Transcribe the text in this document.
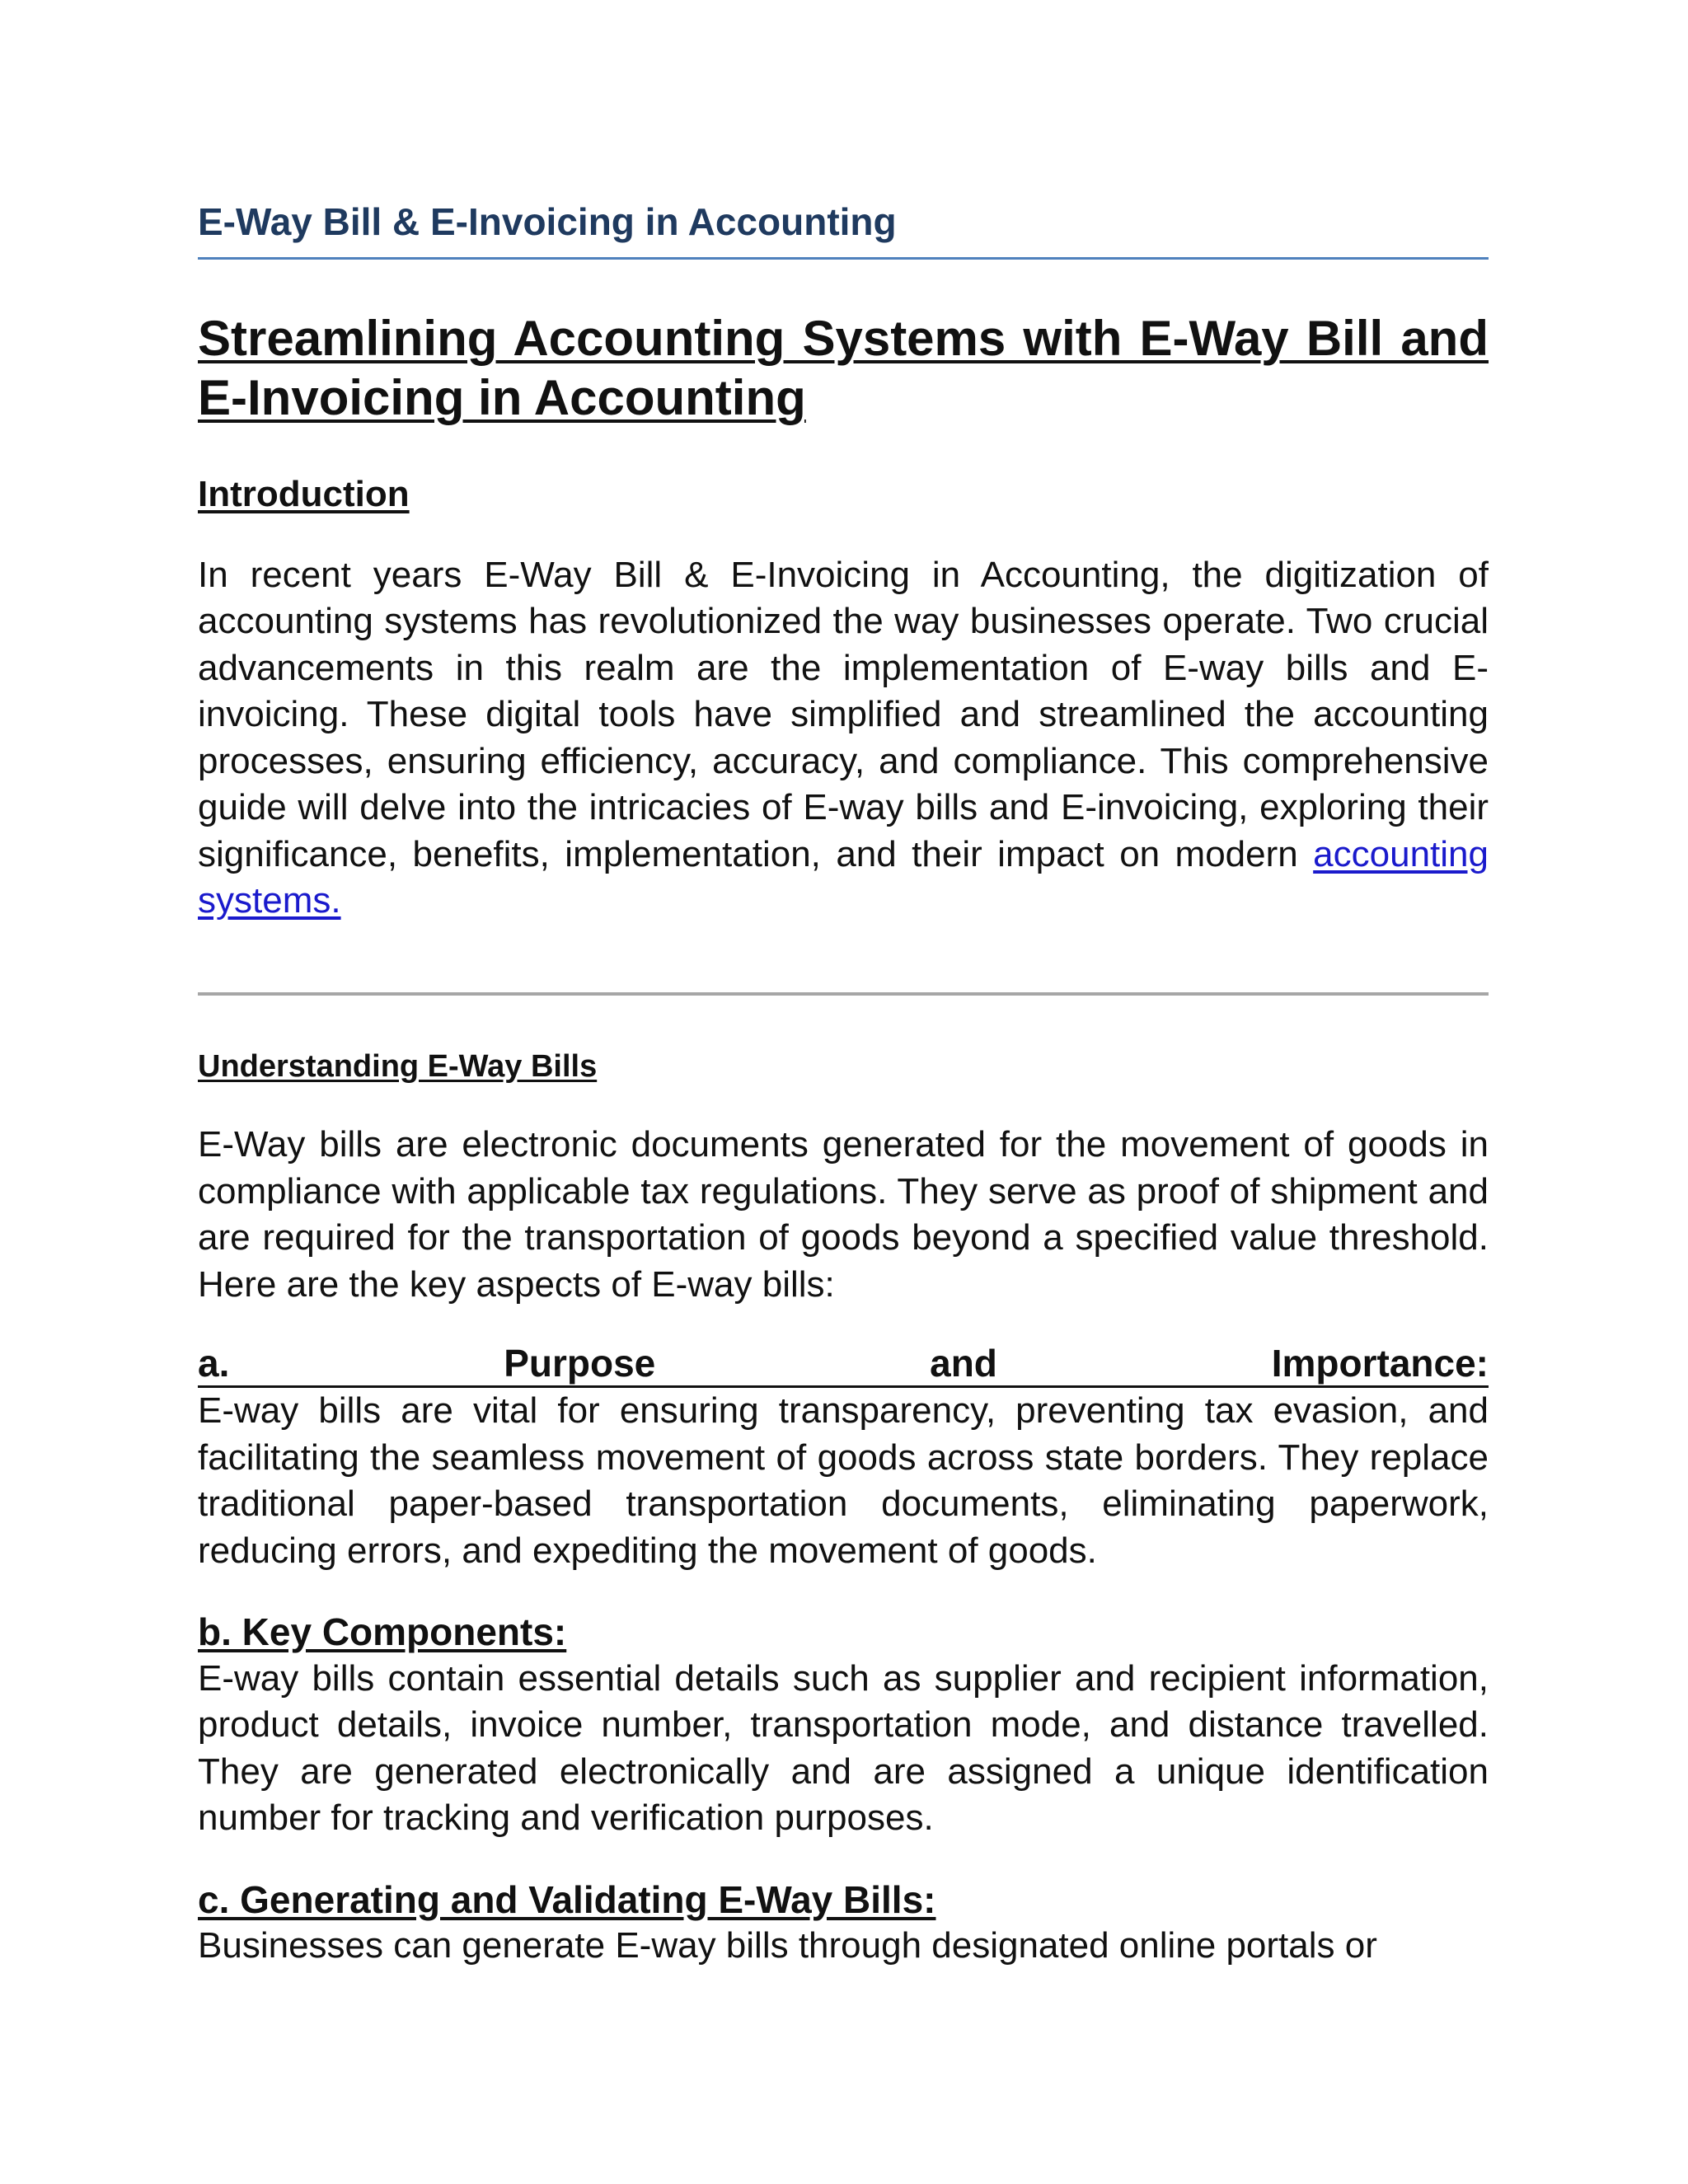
E-Way Bill & E-Invoicing in Accounting
Streamlining Accounting Systems with E-Way Bill and E-Invoicing in Accounting
Introduction

In recent years E-Way Bill & E-Invoicing in Accounting, the digitization of accounting systems has revolutionized the way businesses operate. Two crucial advancements in this realm are the implementation of E-way bills and E-invoicing. These digital tools have simplified and streamlined the accounting processes, ensuring efficiency, accuracy, and compliance. This comprehensive guide will delve into the intricacies of E-way bills and E-invoicing, exploring their significance, benefits, implementation, and their impact on modern accounting systems.

Understanding E-Way Bills

E-Way bills are electronic documents generated for the movement of goods in compliance with applicable tax regulations. They serve as proof of shipment and are required for the transportation of goods beyond a specified value threshold. Here are the key aspects of E-way bills:

a.	Purpose	and	Importance:

E-way bills are vital for ensuring transparency, preventing tax evasion, and facilitating the seamless movement of goods across state borders. They replace traditional paper-based transportation documents, eliminating paperwork, reducing errors, and expediting the movement of goods.

b. Key Components:

E-way bills contain essential details such as supplier and recipient information, product details, invoice number, transportation mode, and distance travelled. They are generated electronically and are assigned a unique identification number for tracking and verification purposes.

c. Generating and Validating E-Way Bills:

Businesses can generate E-way bills through designated online portals or
